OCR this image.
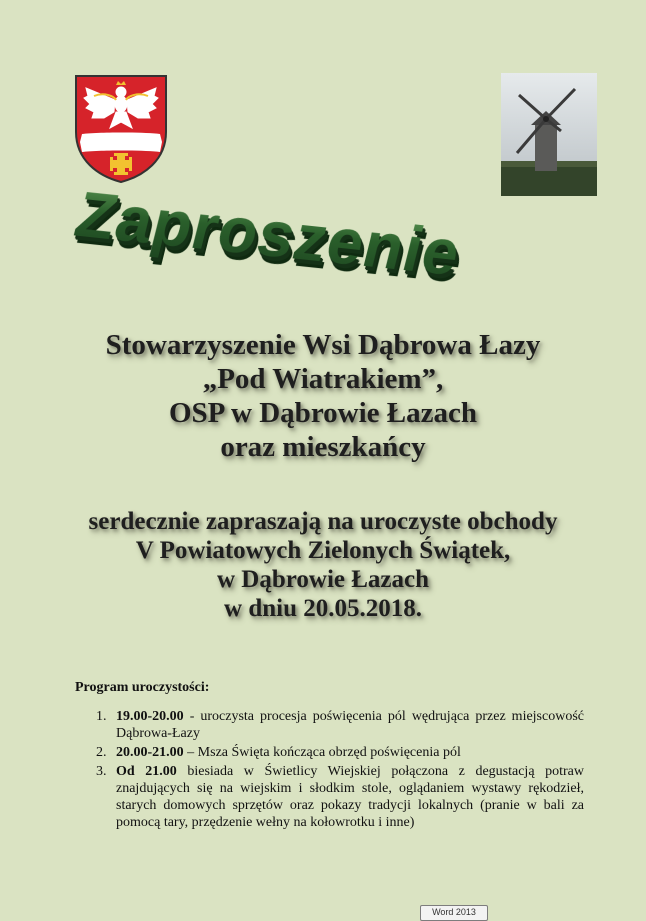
Zaproszenie
Stowarzyszenie Wsi Dąbrowa Łazy
„Pod Wiatrakiem”,
OSP w Dąbrowie Łazach
oraz mieszkańcy
serdecznie zapraszają na uroczyste obchody
V Powiatowych Zielonych Świątek,
w Dąbrowie Łazach
w dniu 20.05.2018.
Program uroczystości:
1. 19.00-20.00 - uroczysta procesja poświęcenia pól wędrująca przez miejscowość Dąbrowa-Łazy
2. 20.00-21.00 – Msza Święta kończąca obrzęd poświęcenia pól
3. Od 21.00 biesiada w Świetlicy Wiejskiej połączona z degustacją potraw znajdujących się na wiejskim i słodkim stole, oglądaniem wystawy rękodzieł, starych domowych sprzętów oraz pokazy tradycji lokalnych (pranie w bali za pomocą tary, przędzenie wełny na kołowrotku i inne)
Word 2013
